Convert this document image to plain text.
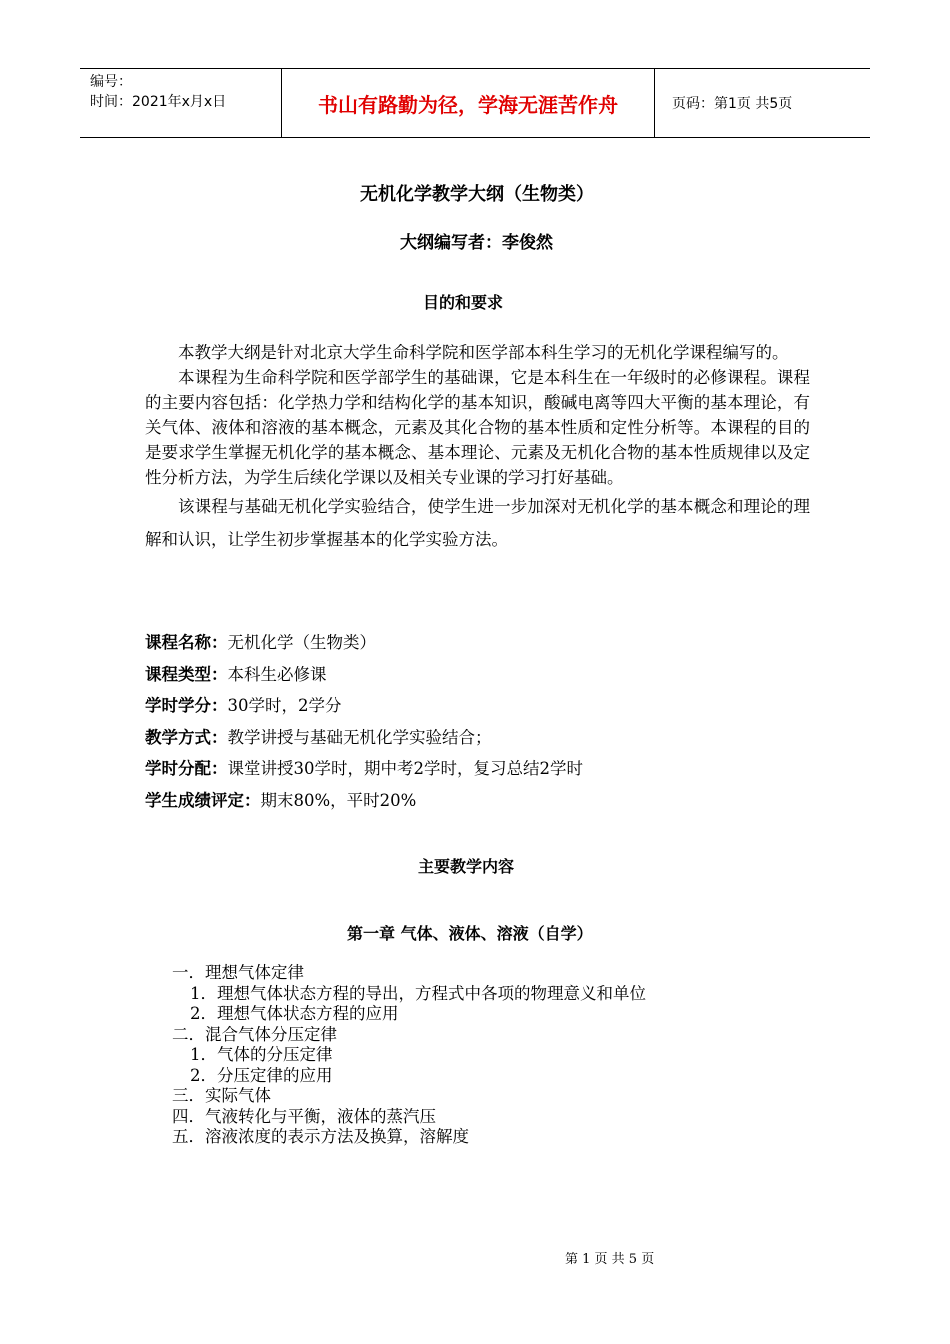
编号：
时间：2021年x月x日	书山有路勤为径，学海无涯苦作舟	页码：第1页 共5页
无机化学教学大纲（生物类）
大纲编写者：李俊然
目的和要求

本教学大纲是针对北京大学生命科学院和医学部本科生学习的无机化学课程编写的。

本课程为生命科学院和医学部学生的基础课，它是本科生在一年级时的必修课程。课程的主要内容包括：化学热力学和结构化学的基本知识，酸碱电离等四大平衡的基本理论，有关气体、液体和溶液的基本概念，元素及其化合物的基本性质和定性分析等。本课程的目的是要求学生掌握无机化学的基本概念、基本理论、元素及无机化合物的基本性质规律以及定性分析方法，为学生后续化学课以及相关专业课的学习打好基础。

该课程与基础无机化学实验结合，使学生进一步加深对无机化学的基本概念和理论的理解和认识，让学生初步掌握基本的化学实验方法。

课程名称：无机化学（生物类）
课程类型：本科生必修课
学时学分：30学时，2学分
教学方式：教学讲授与基础无机化学实验结合；
学时分配：课堂讲授30学时，期中考2学时，复习总结2学时
学生成绩评定：期末80%，平时20%
主要教学内容
第一章 气体、液体、溶液（自学）
一．理想气体定律
1．理想气体状态方程的导出，方程式中各项的物理意义和单位
2．理想气体状态方程的应用
二．混合气体分压定律
1．气体的分压定律
2．分压定律的应用
三．实际气体
四．气液转化与平衡，液体的蒸汽压
五．溶液浓度的表示方法及换算，溶解度
第 1 页 共 5 页
